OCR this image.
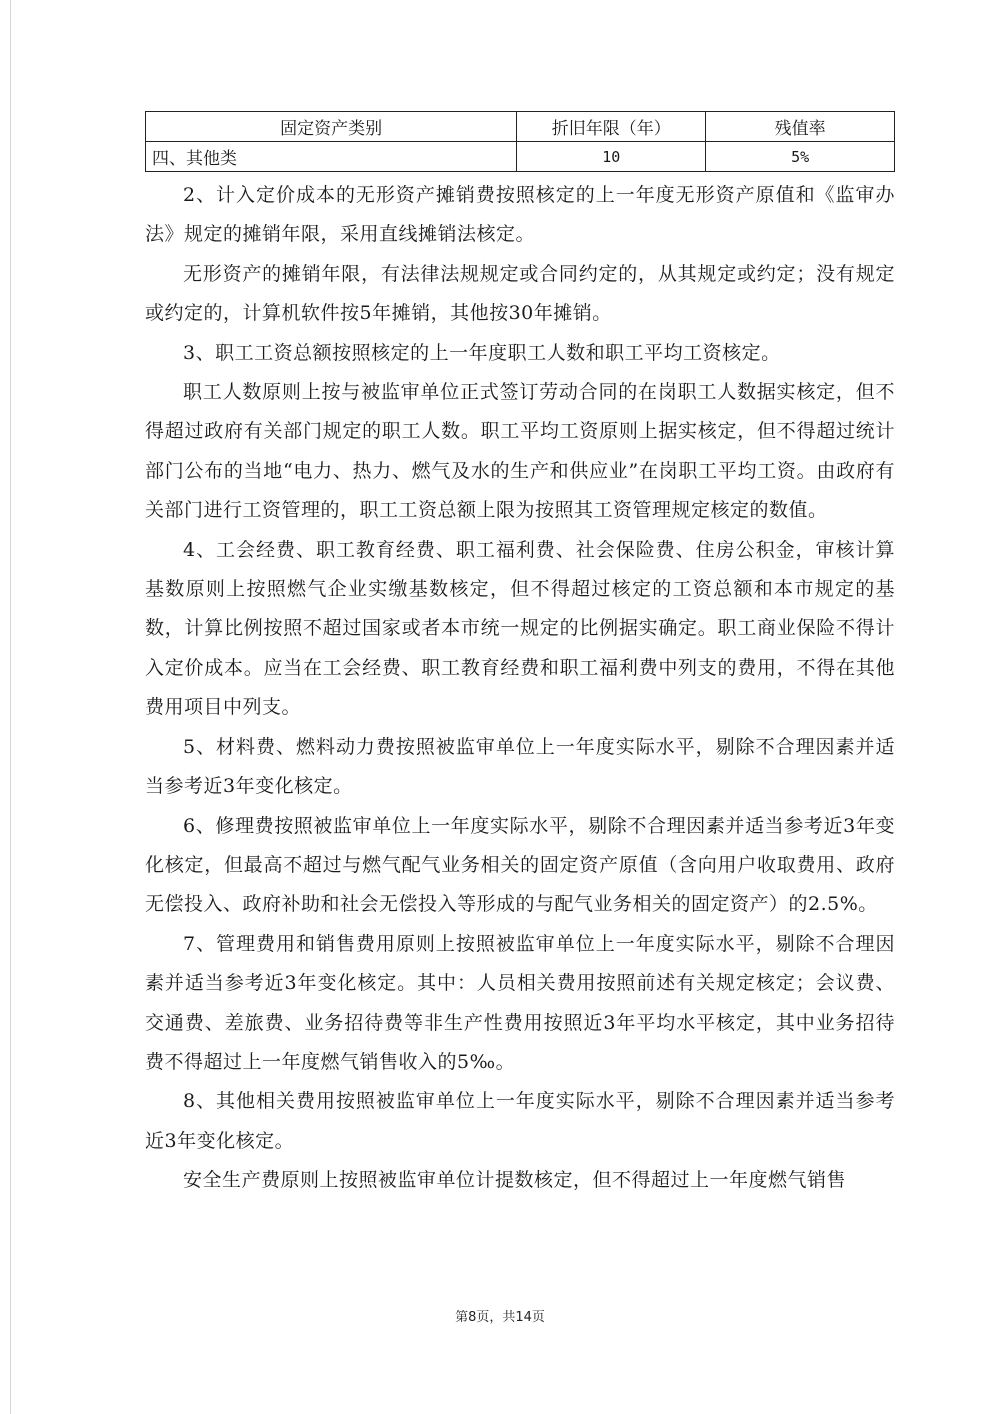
固定资产类别	折旧年限（年）	残值率
四、其他类	10	5%

2、计入定价成本的无形资产摊销费按照核定的上一年度无形资产原值和《监审办法》规定的摊销年限，采用直线摊销法核定。

无形资产的摊销年限，有法律法规规定或合同约定的，从其规定或约定；没有规定或约定的，计算机软件按5年摊销，其他按30年摊销。

3、职工工资总额按照核定的上一年度职工人数和职工平均工资核定。

职工人数原则上按与被监审单位正式签订劳动合同的在岗职工人数据实核定，但不得超过政府有关部门规定的职工人数。职工平均工资原则上据实核定，但不得超过统计部门公布的当地“电力、热力、燃气及水的生产和供应业”在岗职工平均工资。由政府有关部门进行工资管理的，职工工资总额上限为按照其工资管理规定核定的数值。

4、工会经费、职工教育经费、职工福利费、社会保险费、住房公积金，审核计算基数原则上按照燃气企业实缴基数核定，但不得超过核定的工资总额和本市规定的基数，计算比例按照不超过国家或者本市统一规定的比例据实确定。职工商业保险不得计入定价成本。应当在工会经费、职工教育经费和职工福利费中列支的费用，不得在其他费用项目中列支。

5、材料费、燃料动力费按照被监审单位上一年度实际水平，剔除不合理因素并适当参考近3年变化核定。

6、修理费按照被监审单位上一年度实际水平，剔除不合理因素并适当参考近3年变化核定，但最高不超过与燃气配气业务相关的固定资产原值（含向用户收取费用、政府无偿投入、政府补助和社会无偿投入等形成的与配气业务相关的固定资产）的2.5%。

7、管理费用和销售费用原则上按照被监审单位上一年度实际水平，剔除不合理因素并适当参考近3年变化核定。其中：人员相关费用按照前述有关规定核定；会议费、交通费、差旅费、业务招待费等非生产性费用按照近3年平均水平核定，其中业务招待费不得超过上一年度燃气销售收入的5‰。

8、其他相关费用按照被监审单位上一年度实际水平，剔除不合理因素并适当参考近3年变化核定。

安全生产费原则上按照被监审单位计提数核定，但不得超过上一年度燃气销售

第8页，共14页
